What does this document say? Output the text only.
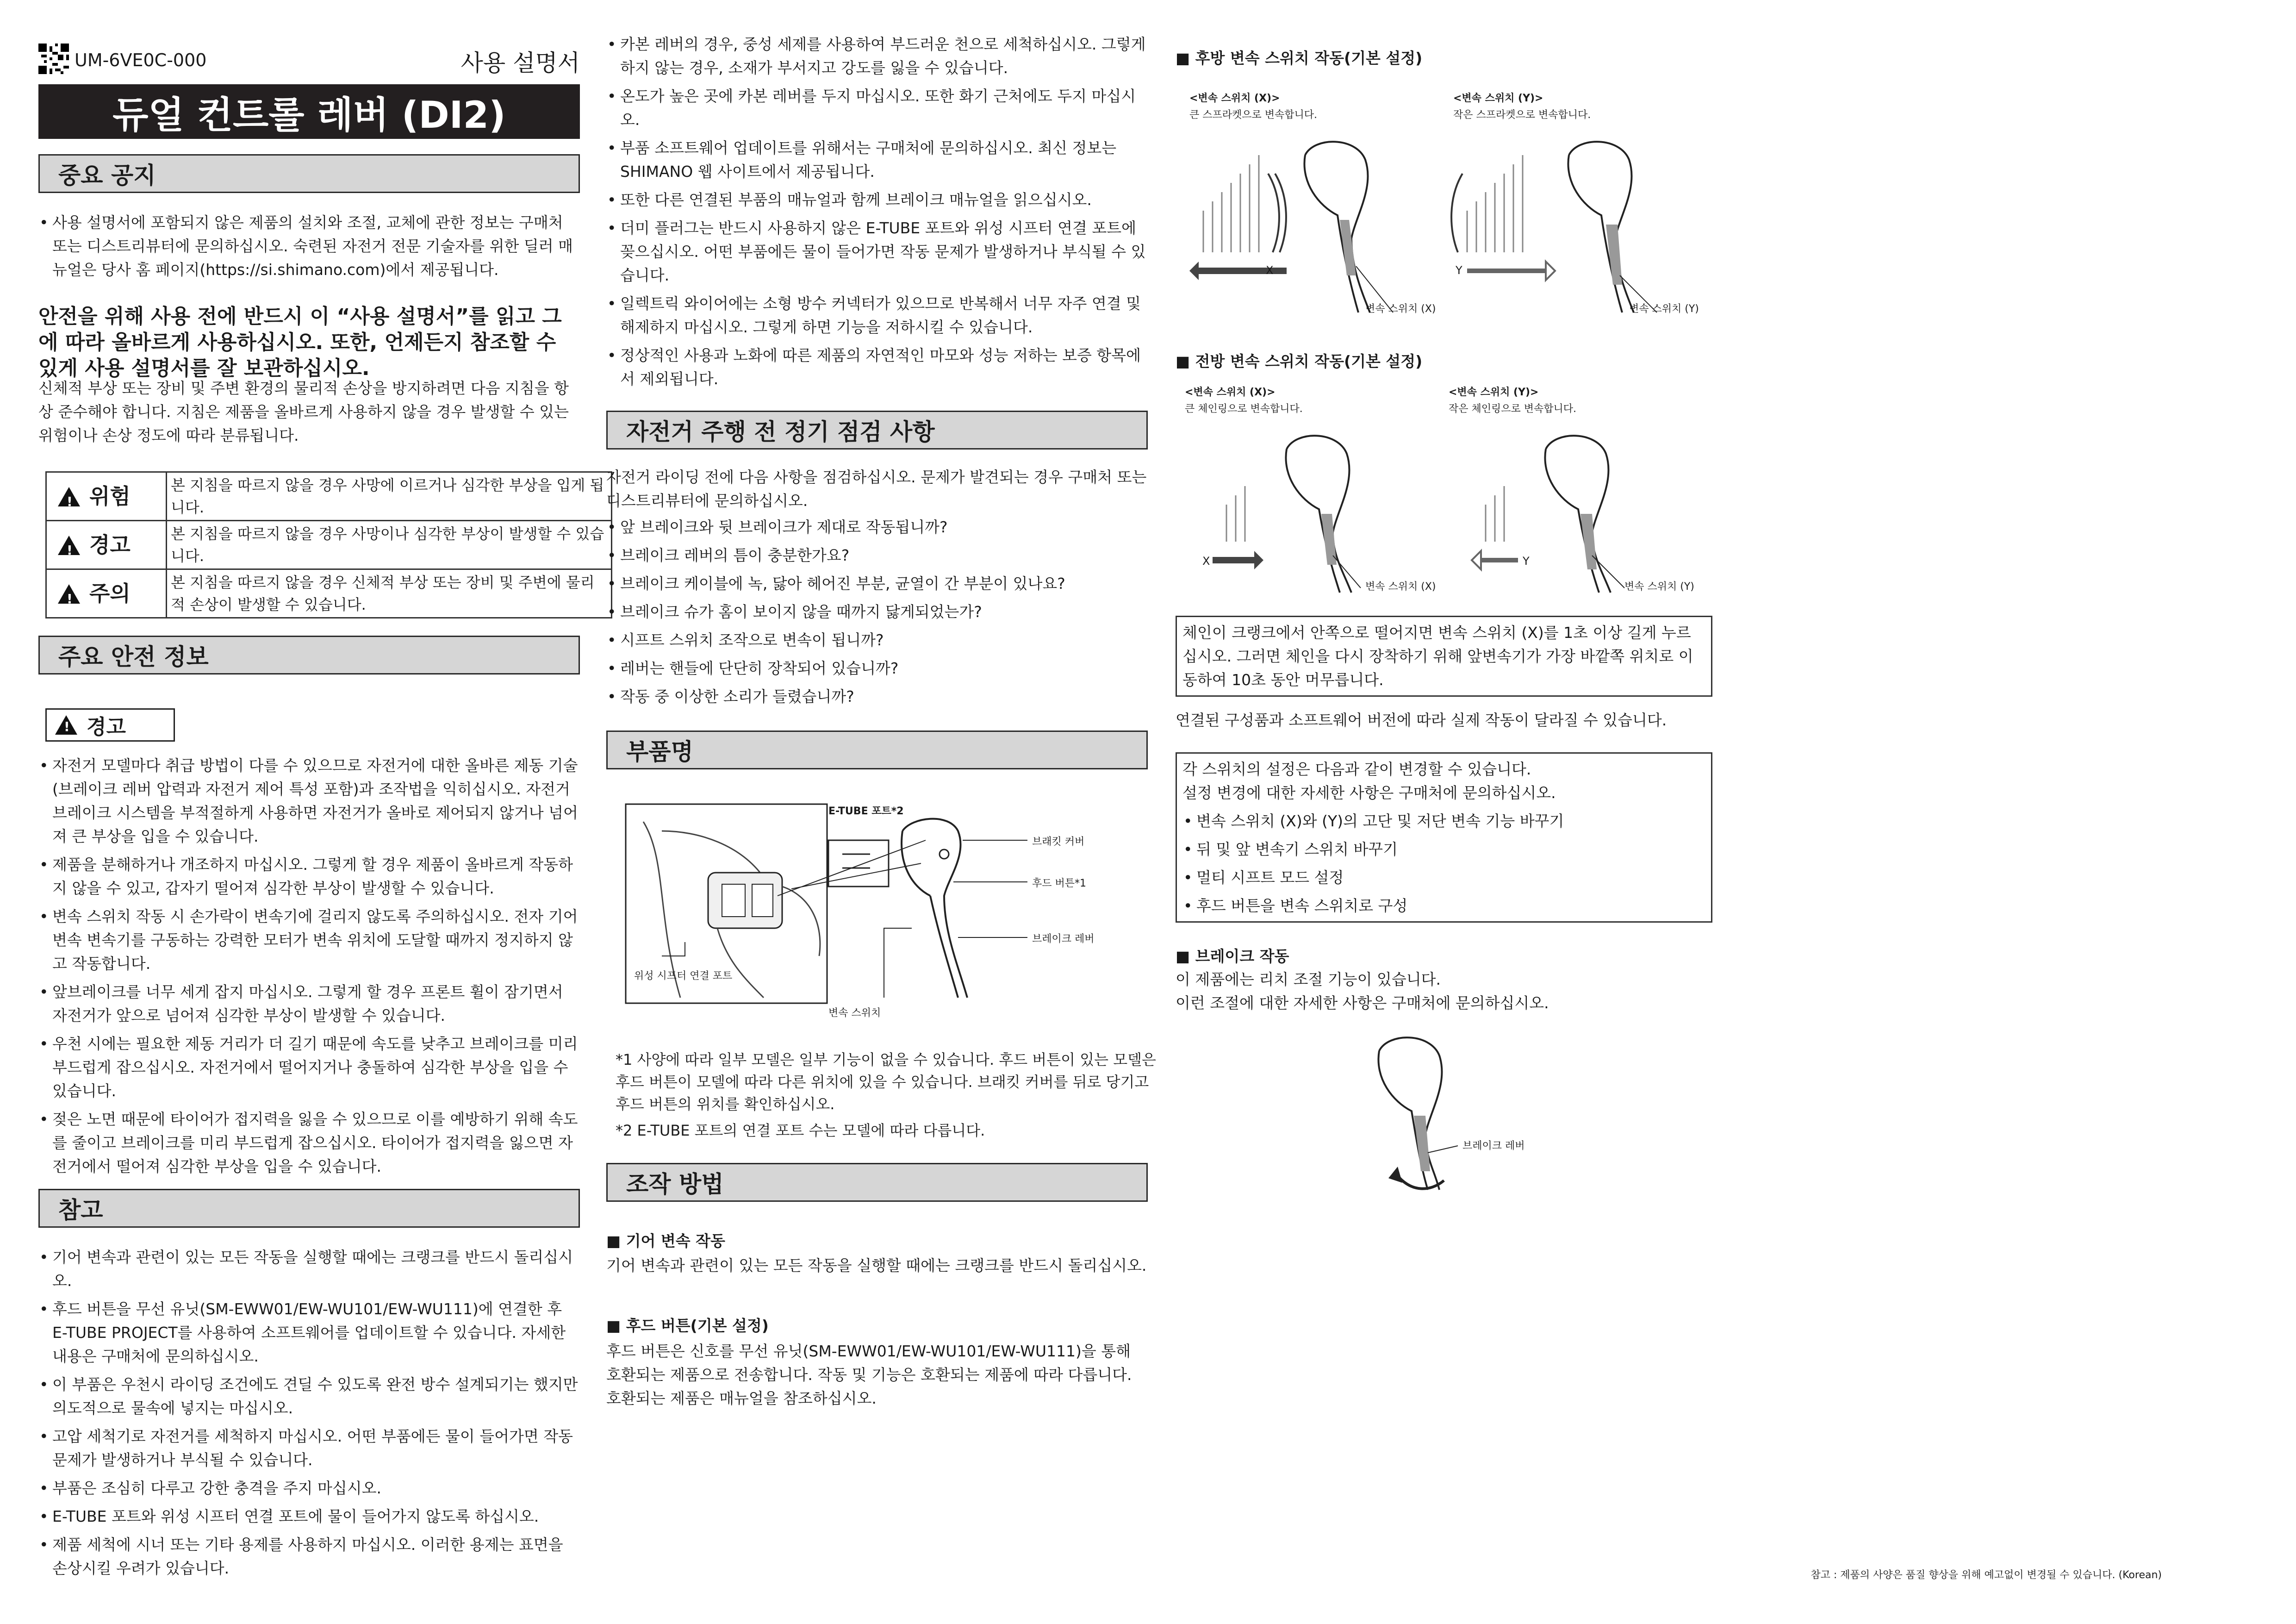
UM-6VE0C-000	사용 설명서
듀얼 컨트롤 레버 (DI2)
중요 공지
• 사용 설명서에 포함되지 않은 제품의 설치와 조절, 교체에 관한 정보는 구매처 또는 디스트리뷰터에 문의하십시오. 숙련된 자전거 전문 기술자를 위한 딜러 매뉴얼은 당사 홈 페이지(https://si.shimano.com)에서 제공됩니다.

안전을 위해 사용 전에 반드시 이 “사용 설명서”를 읽고 그에 따라 올바르게 사용하십시오. 또한, 언제든지 참조할 수 있게 사용 설명서를 잘 보관하십시오.

신체적 부상 또는 장비 및 주변 환경의 물리적 손상을 방지하려면 다음 지침을 항상 준수해야 합니다. 지침은 제품을 올바르게 사용하지 않을 경우 발생할 수 있는 위험이나 손상 정도에 따라 분류됩니다.

!위험	본 지침을 따르지 않을 경우 사망에 이르거나 심각한 부상을 입게 됩니다.
!경고	본 지침을 따르지 않을 경우 사망이나 심각한 부상이 발생할 수 있습니다.
!주의	본 지침을 따르지 않을 경우 신체적 부상 또는 장비 및 주변에 물리적 손상이 발생할 수 있습니다.
주요 안전 정보
!
경고
• 자전거 모델마다 취급 방법이 다를 수 있으므로 자전거에 대한 올바른 제동 기술(브레이크 레버 압력과 자전거 제어 특성 포함)과 조작법을 익히십시오. 자전거 브레이크 시스템을 부적절하게 사용하면 자전거가 올바로 제어되지 않거나 넘어져 큰 부상을 입을 수 있습니다.
• 제품을 분해하거나 개조하지 마십시오. 그렇게 할 경우 제품이 올바르게 작동하지 않을 수 있고, 갑자기 떨어져 심각한 부상이 발생할 수 있습니다.
• 변속 스위치 작동 시 손가락이 변속기에 걸리지 않도록 주의하십시오. 전자 기어 변속 변속기를 구동하는 강력한 모터가 변속 위치에 도달할 때까지 정지하지 않고 작동합니다.
• 앞브레이크를 너무 세게 잡지 마십시오. 그렇게 할 경우 프론트 휠이 잠기면서 자전거가 앞으로 넘어져 심각한 부상이 발생할 수 있습니다.
• 우천 시에는 필요한 제동 거리가 더 길기 때문에 속도를 낮추고 브레이크를 미리 부드럽게 잡으십시오. 자전거에서 떨어지거나 충돌하여 심각한 부상을 입을 수 있습니다.
• 젖은 노면 때문에 타이어가 접지력을 잃을 수 있으므로 이를 예방하기 위해 속도를 줄이고 브레이크를 미리 부드럽게 잡으십시오. 타이어가 접지력을 잃으면 자전거에서 떨어져 심각한 부상을 입을 수 있습니다.
참고
• 기어 변속과 관련이 있는 모든 작동을 실행할 때에는 크랭크를 반드시 돌리십시오.
• 후드 버튼을 무선 유닛(SM-EWW01/EW-WU101/EW-WU111)에 연결한 후 E-TUBE PROJECT를 사용하여 소프트웨어를 업데이트할 수 있습니다. 자세한 내용은 구매처에 문의하십시오.
• 이 부품은 우천시 라이딩 조건에도 견딜 수 있도록 완전 방수 설계되기는 했지만 의도적으로 물속에 넣지는 마십시오.
• 고압 세척기로 자전거를 세척하지 마십시오. 어떤 부품에든 물이 들어가면 작동 문제가 발생하거나 부식될 수 있습니다.
• 부품은 조심히 다루고 강한 충격을 주지 마십시오.
• E-TUBE 포트와 위성 시프터 연결 포트에 물이 들어가지 않도록 하십시오.
• 제품 세척에 시너 또는 기타 용제를 사용하지 마십시오. 이러한 용제는 표면을 손상시킬 우려가 있습니다.
• 카본 레버의 경우, 중성 세제를 사용하여 부드러운 천으로 세척하십시오. 그렇게 하지 않는 경우, 소재가 부서지고 강도를 잃을 수 있습니다.
• 온도가 높은 곳에 카본 레버를 두지 마십시오. 또한 화기 근처에도 두지 마십시오.
• 부품 소프트웨어 업데이트를 위해서는 구매처에 문의하십시오. 최신 정보는 SHIMANO 웹 사이트에서 제공됩니다.
• 또한 다른 연결된 부품의 매뉴얼과 함께 브레이크 매뉴얼을 읽으십시오.
• 더미 플러그는 반드시 사용하지 않은 E-TUBE 포트와 위성 시프터 연결 포트에 꽂으십시오. 어떤 부품에든 물이 들어가면 작동 문제가 발생하거나 부식될 수 있습니다.
• 일렉트릭 와이어에는 소형 방수 커넥터가 있으므로 반복해서 너무 자주 연결 및 해제하지 마십시오. 그렇게 하면 기능을 저하시킬 수 있습니다.
• 정상적인 사용과 노화에 따른 제품의 자연적인 마모와 성능 저하는 보증 항목에서 제외됩니다.
자전거 주행 전 정기 점검 사항

자전거 라이딩 전에 다음 사항을 점검하십시오. 문제가 발견되는 경우 구매처 또는 디스트리뷰터에 문의하십시오.

• 앞 브레이크와 뒷 브레이크가 제대로 작동됩니까?
• 브레이크 레버의 틈이 충분한가요?
• 브레이크 케이블에 녹, 닳아 헤어진 부분, 균열이 간 부분이 있나요?
• 브레이크 슈가 홈이 보이지 않을 때까지 닳게되었는가?
• 시프트 스위치 조작으로 변속이 됩니까?
• 레버는 핸들에 단단히 장착되어 있습니까?
• 작동 중 이상한 소리가 들렸습니까?
부품명
E-TUBE 포트*2
브래킷 커버
후드 버튼*1
브레이크 레버
위성 시프터 연결 포트
변속 스위치

*1 사양에 따라 일부 모델은 일부 기능이 없을 수 있습니다. 후드 버튼이 있는 모델은 후드 버튼이 모델에 따라 다른 위치에 있을 수 있습니다. 브래킷 커버를 뒤로 당기고 후드 버튼의 위치를 확인하십시오.

*2 E-TUBE 포트의 연결 포트 수는 모델에 따라 다릅니다.

조작 방법
■ 기어 변속 작동

기어 변속과 관련이 있는 모든 작동을 실행할 때에는 크랭크를 반드시 돌리십시오.

■ 후드 버튼(기본 설정)

후드 버튼은 신호를 무선 유닛(SM-EWW01/EW-WU101/EW-WU111)을 통해 호환되는 제품으로 전송합니다. 작동 및 기능은 호환되는 제품에 따라 다릅니다. 호환되는 제품은 매뉴얼을 참조하십시오.

■ 후방 변속 스위치 작동(기본 설정)
<변속 스위치 (X)>
큰 스프라켓으로 변속합니다.
<변속 스위치 (Y)>
작은 스프라켓으로 변속합니다.
X	Y
변속 스위치 (X)	변속 스위치 (Y)
■ 전방 변속 스위치 작동(기본 설정)
<변속 스위치 (X)>
큰 체인링으로 변속합니다.
<변속 스위치 (Y)>
작은 체인링으로 변속합니다.
X	Y
변속 스위치 (X)	변속 스위치 (Y)
체인이 크랭크에서 안쪽으로 떨어지면 변속 스위치 (X)를 1초 이상 길게 누르십시오. 그러면 체인을 다시 장착하기 위해 앞변속기가 가장 바깥쪽 위치로 이동하여 10초 동안 머무릅니다.

연결된 구성품과 소프트웨어 버전에 따라 실제 작동이 달라질 수 있습니다.

각 스위치의 설정은 다음과 같이 변경할 수 있습니다.
설정 변경에 대한 자세한 사항은 구매처에 문의하십시오.
• 변속 스위치 (X)와 (Y)의 고단 및 저단 변속 기능 바꾸기
• 뒤 및 앞 변속기 스위치 바꾸기
• 멀티 시프트 모드 설정
• 후드 버튼을 변속 스위치로 구성
■ 브레이크 작동

이 제품에는 리치 조절 기능이 있습니다.

이런 조절에 대한 자세한 사항은 구매처에 문의하십시오.

브레이크 레버
참고 : 제품의 사양은 품질 향상을 위해 예고없이 변경될 수 있습니다. (Korean)
